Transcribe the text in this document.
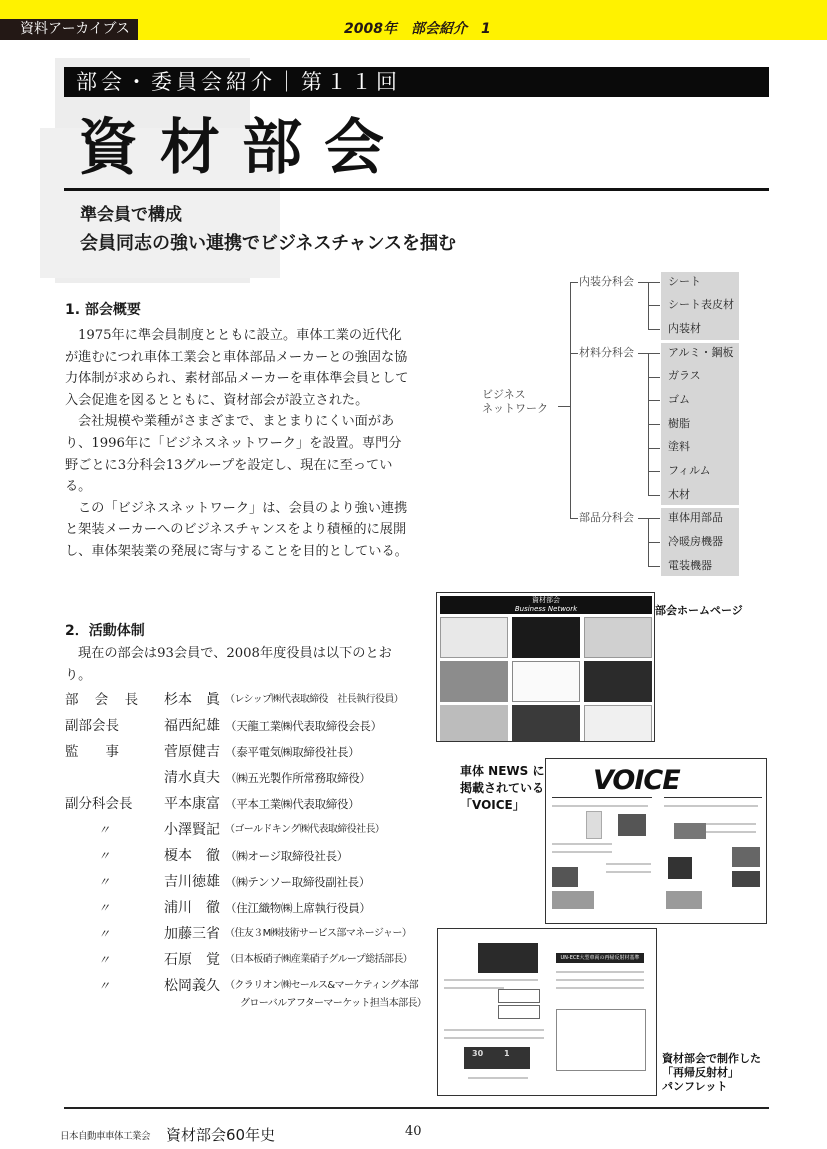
資料アーカイブス	2008年　部会紹介　1
部会・委員会紹介｜第１１回
資材部会
準会員で構成
会員同志の強い連携でビジネスチャンスを掴む
1. 部会概要

1975年に準会員制度とともに設立。車体工業の近代化が進むにつれ車体工業会と車体部品メーカーとの強固な協力体制が求められ、素材部品メーカーを車体準会員として入会促進を図るとともに、資材部会が設立された。

会社規模や業種がさまざまで、まとまりにくい面があり、1996年に「ビジネスネットワーク」を設置。専門分野ごとに3分科会13グループを設定し、現在に至っている。

この「ビジネスネットワーク」は、会員のより強い連携と架装メーカーへのビジネスチャンスをより積極的に展開し、車体架装業の発展に寄与することを目的としている。

2．活動体制
現在の部会は93会員で、2008年度役員は以下のとおり。
部 会 長 杉本　眞 （レシップ㈱代表取締役　社長執行役員）
副部会長	福西紀雄 （天龍工業㈱代表取締役会長）
監　　事	菅原健吉 （泰平電気㈱取締役社長）
清水貞夫 （㈱五光製作所常務取締役）
副分科会長	平本康富 （平本工業㈱代表取締役）
〃	小澤賢記 （ゴールドキング㈱代表取締役社長）
〃	榎本　徹 （㈱オージ取締役社長）
〃	吉川徳雄 （㈱テンソー取締役副社長）
〃	浦川　徹 （住江織物㈱上席執行役員）
〃	加藤三省 （住友３M㈱技術サービス部マネージャー）
〃	石原　覚 （日本板硝子㈱産業硝子グループ総括部長）
〃	松岡義久 （クラリオン㈱セールス&マーケティング本部
グローバルアフターマーケット担当本部長）
ビジネス
ネットワーク
内装分科会	シート
シート表皮材
内装材
材料分科会	アルミ・鋼板
ガラス
ゴム
樹脂
塗料
フィルム
木材
部品分科会	車体用部品
冷暖房機器
電装機器
資材部会
Business Network	部会ホームページ
車体 NEWS に
掲載されている
「VOICE」
VOICE
UN-ECE大型車両の再帰反射材基準
30	1	資材部会で制作した
「再帰反射材」
パンフレット
日本自動車車体工業会 資材部会60年史	40
